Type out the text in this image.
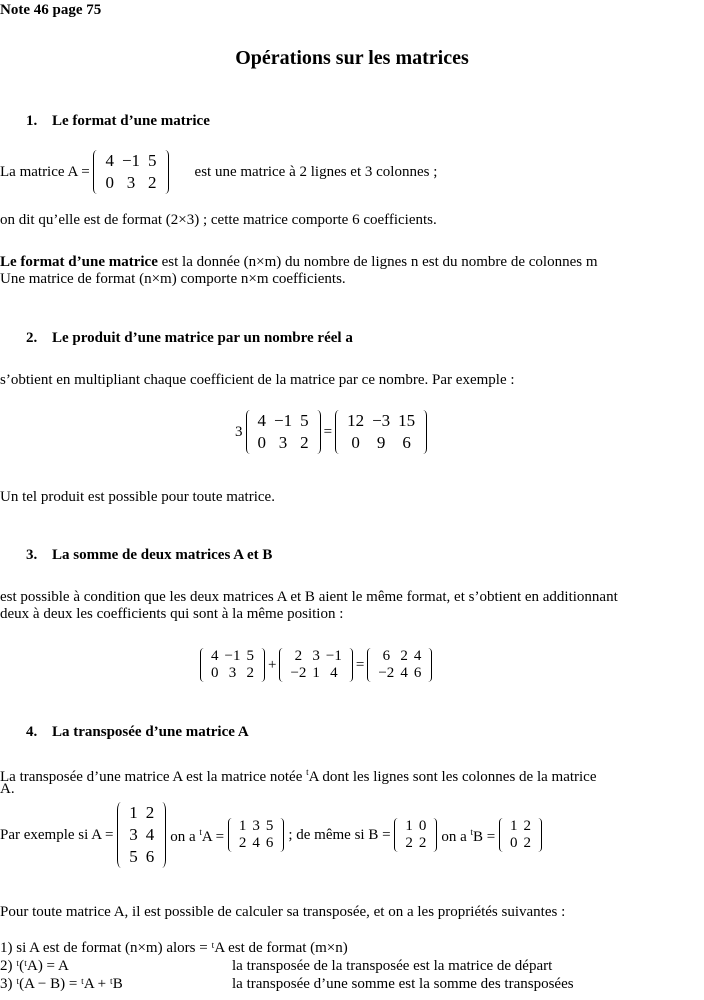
Note 46 page 75
Opérations sur les matrices
1. Le format d’une matrice
La matrice A =

4	−1	5
0	3	2
est une matrice à 2 lignes et 3 colonnes ;
on dit qu’elle est de format (2×3) ; cette matrice comporte 6 coefficients.
Le format d’une matrice est la donnée (n×m) du nombre de lignes n est du nombre de colonnes m
Une matrice de format (n×m) comporte n×m coefficients.
2. Le produit d’une matrice par un nombre réel a
s’obtient en multipliant chaque coefficient de la matrice par ce nombre. Par exemple :
3
4	−1	5
0	3	2
=
12	−3	15
0	9	6
Un tel produit est possible pour toute matrice.
3. La somme de deux matrices A et B
est possible à condition que les deux matrices A et B aient le même format, et s’obtient en additionnant
deux à deux les coefficients qui sont à la même position :
4	−1	5
0	3	2
+
2	3	−1
−2	1	4
=
6	2	4
−2	4	6
4. La transposée d’une matrice A
La transposée d’une matrice A est la matrice notée $^t$A dont les lignes sont les colonnes de la matrice
A.
Par exemple si A =

1	2
3	4
5	6
on a $^t$A =

1	3	5
2	4	6
; de même si B =

1	0
2	2 on a $^t$B =

1	2
0	2
Pour toute matrice A, il est possible de calculer sa transposée, et on a les propriétés suivantes :
1) si A est de format (n×m) alors = ᵗA est de format (m×n)
2) ᵗ(ᵗA) = A	la transposée de la transposée est la matrice de départ
3) ᵗ(A − B) = ᵗA + ᵗB	la transposée d’une somme est la somme des transposées
